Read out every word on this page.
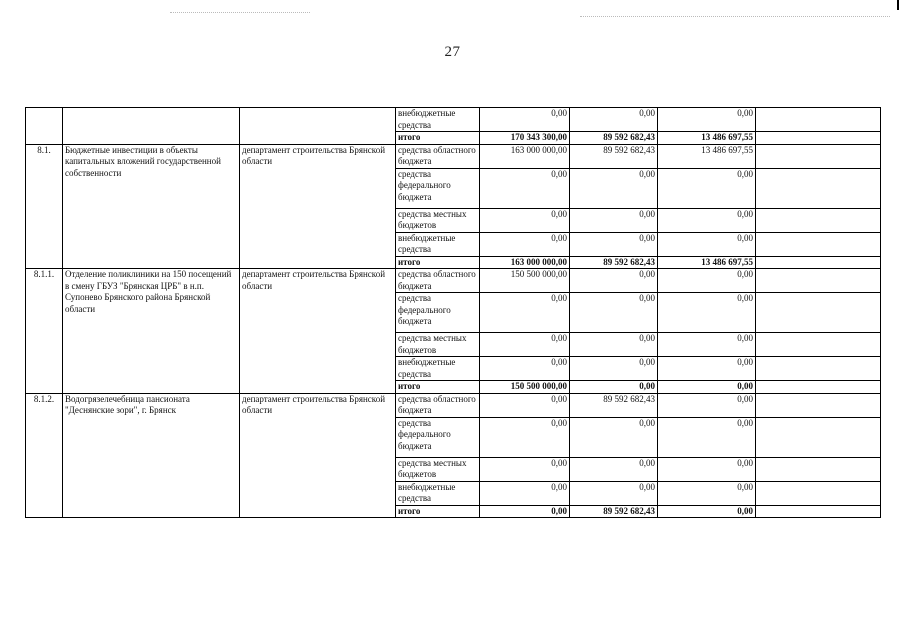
27
			внебюджетные средства	0,00	0,00	0,00	
			итого	170 343 300,00	89 592 682,43	13 486 697,55	
8.1.	Бюджетные инвестиции в объекты капитальных вложений государственной собственности	департамент строительства Брянской области	средства областного бюджета	163 000 000,00	89 592 682,43	13 486 697,55	
			средства федерального бюджета	0,00	0,00	0,00	
			средства местных бюджетов	0,00	0,00	0,00	
			внебюджетные средства	0,00	0,00	0,00	
			итого	163 000 000,00	89 592 682,43	13 486 697,55	
8.1.1.	Отделение поликлиники на 150 посещений в смену ГБУЗ "Брянская ЦРБ" в н.п. Супонево Брянского района Брянской области	департамент строительства Брянской области	средства областного бюджета	150 500 000,00	0,00	0,00	
			средства федерального бюджета	0,00	0,00	0,00	
			средства местных бюджетов	0,00	0,00	0,00	
			внебюджетные средства	0,00	0,00	0,00	
			итого	150 500 000,00	0,00	0,00	
8.1.2.	Водогрязелечебница пансионата "Деснянские зори", г. Брянск	департамент строительства Брянской области	средства областного бюджета	0,00	89 592 682,43	0,00	
			средства федерального бюджета	0,00	0,00	0,00	
			средства местных бюджетов	0,00	0,00	0,00	
			внебюджетные средства	0,00	0,00	0,00	
			итого	0,00	89 592 682,43	0,00	
